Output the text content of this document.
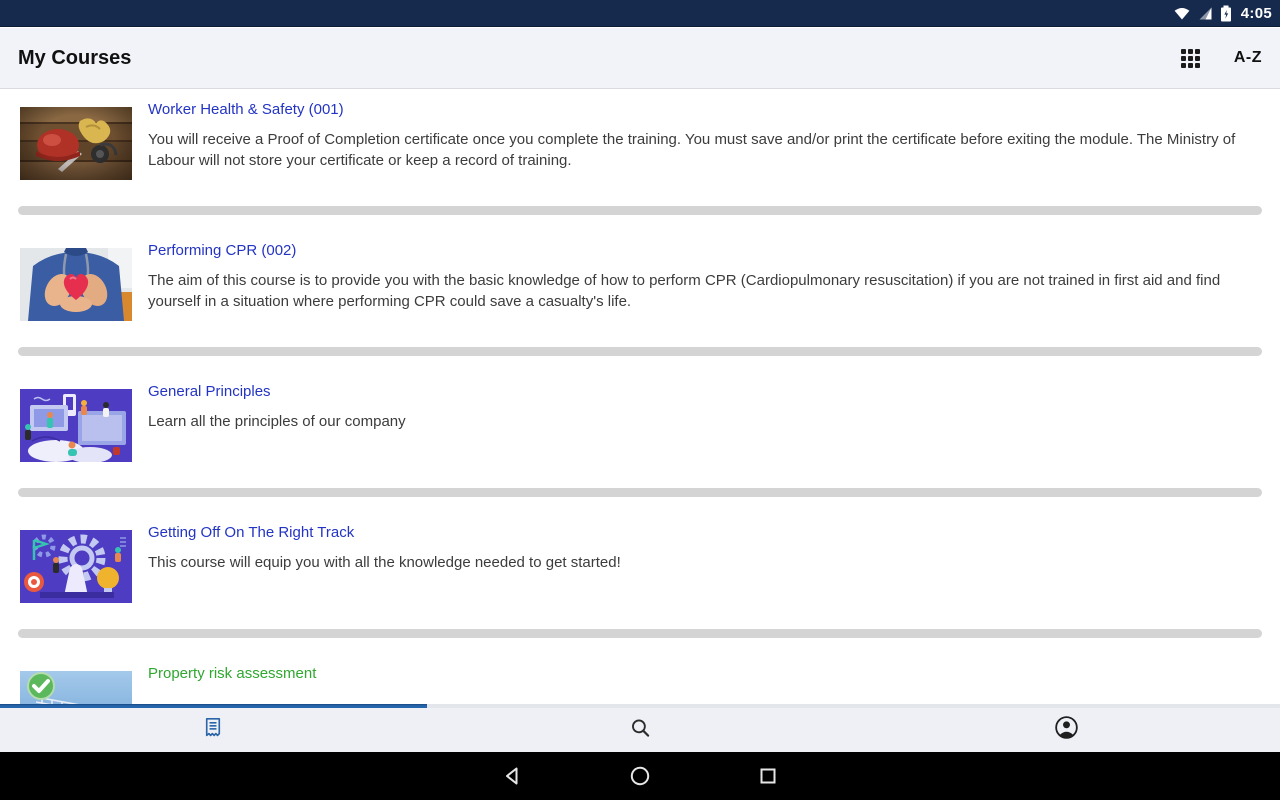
4:05
My Courses	A-Z
Worker Health & Safety (001)
You will receive a Proof of Completion certificate once you complete the training. You must save and/or print the certificate before exiting the module. The Ministry of Labour will not store your certificate or keep a record of training.
Performing CPR (002)
The aim of this course is to provide you with the basic knowledge of how to perform CPR (Cardiopulmonary resuscitation) if you are not trained in first aid and find yourself in a situation where performing CPR could save a casualty's life.
General Principles
Learn all the principles of our company
Getting Off On The Right Track
This course will equip you with all the knowledge needed to get started!
Property risk assessment
